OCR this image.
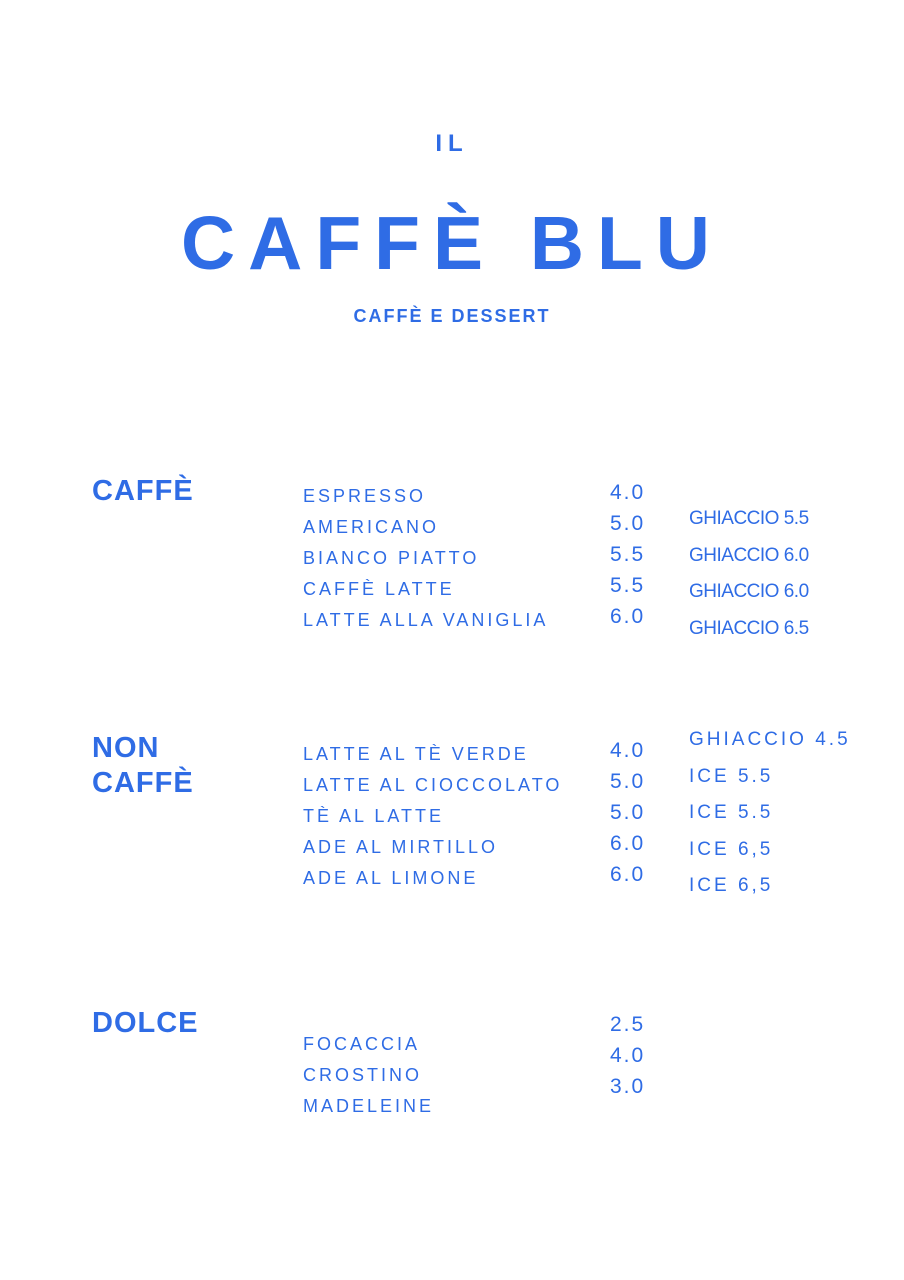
IL
CAFFÈ BLU
CAFFÈ E DESSERT
CAFFÈ	ESPRESSO
AMERICANO
BIANCO PIATTO
CAFFÈ LATTE
LATTE ALLA VANIGLIA
4.0
5.0
5.5
5.5
6.0
GHIACCIO 5.5
GHIACCIO 6.0
GHIACCIO 6.0
GHIACCIO 6.5
NON
CAFFÈ
LATTE AL TÈ VERDE
LATTE AL CIOCCOLATO
TÈ AL LATTE
ADE AL MIRTILLO
ADE AL LIMONE
4.0
5.0
5.0
6.0
6.0
GHIACCIO 4.5
ICE 5.5
ICE 5.5
ICE 6,5
ICE 6,5
DOLCE
FOCACCIA
CROSTINO
MADELEINE
2.5
4.0
3.0
